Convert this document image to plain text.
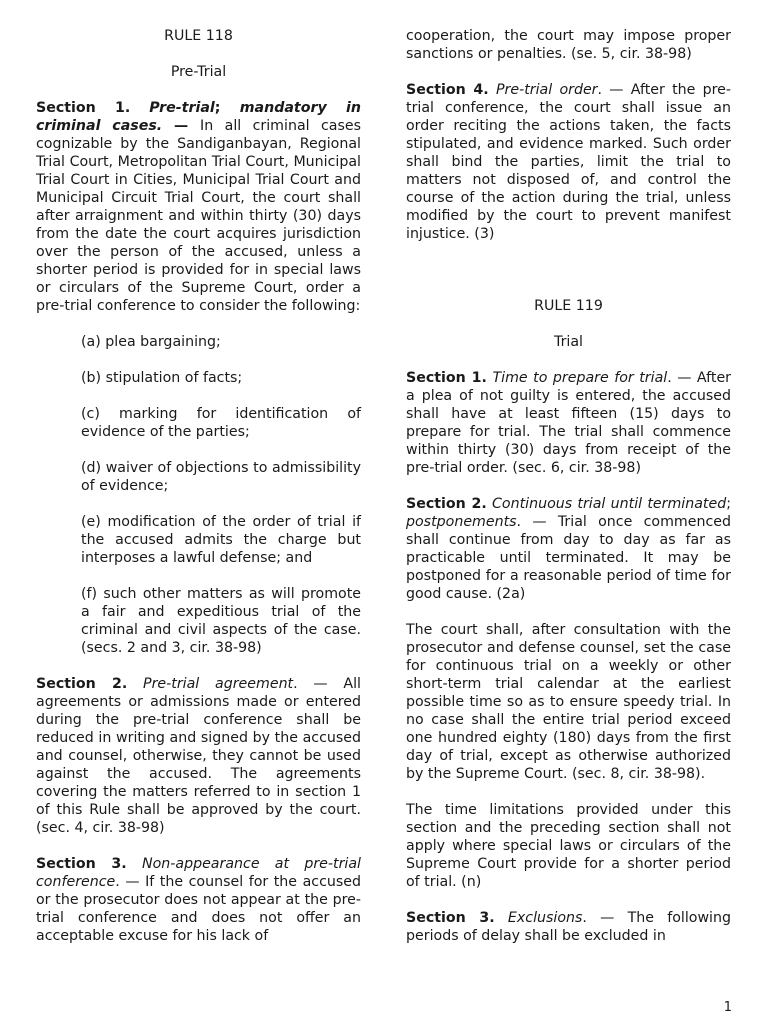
RULE 118

Pre-Trial

Section 1. Pre-trial; mandatory in criminal cases. — In all criminal cases cognizable by the Sandiganbayan, Regional Trial Court, Metropolitan Trial Court, Municipal Trial Court in Cities, Municipal Trial Court and Municipal Circuit Trial Court, the court shall after arraignment and within thirty (30) days from the date the court acquires jurisdiction over the person of the accused, unless a shorter period is provided for in special laws or circulars of the Supreme Court, order a pre-trial conference to consider the following:

(a) plea bargaining;

(b) stipulation of facts;

(c) marking for identification of evidence of the parties;

(d) waiver of objections to admissibility of evidence;

(e) modification of the order of trial if the accused admits the charge but interposes a lawful defense; and

(f) such other matters as will promote a fair and expeditious trial of the criminal and civil aspects of the case. (secs. 2 and 3, cir. 38-98)

Section 2. Pre-trial agreement. — All agreements or admissions made or entered during the pre-trial conference shall be reduced in writing and signed by the accused and counsel, otherwise, they cannot be used against the accused. The agreements covering the matters referred to in section 1 of this Rule shall be approved by the court. (sec. 4, cir. 38-98)

Section 3. Non-appearance at pre-trial conference. — If the counsel for the accused or the prosecutor does not appear at the pre-trial conference and does not offer an acceptable excuse for his lack of

cooperation, the court may impose proper sanctions or penalties. (se. 5, cir. 38-98)

Section 4. Pre-trial order. — After the pre-trial conference, the court shall issue an order reciting the actions taken, the facts stipulated, and evidence marked. Such order shall bind the parties, limit the trial to matters not disposed of, and control the course of the action during the trial, unless modified by the court to prevent manifest injustice. (3)

RULE 119

Trial

Section 1. Time to prepare for trial. — After a plea of not guilty is entered, the accused shall have at least fifteen (15) days to prepare for trial. The trial shall commence within thirty (30) days from receipt of the pre-trial order. (sec. 6, cir. 38-98)

Section 2. Continuous trial until terminated; postponements. — Trial once commenced shall continue from day to day as far as practicable until terminated. It may be postponed for a reasonable period of time for good cause. (2a)

The court shall, after consultation with the prosecutor and defense counsel, set the case for continuous trial on a weekly or other short-term trial calendar at the earliest possible time so as to ensure speedy trial. In no case shall the entire trial period exceed one hundred eighty (180) days from the first day of trial, except as otherwise authorized by the Supreme Court. (sec. 8, cir. 38-98).

The time limitations provided under this section and the preceding section shall not apply where special laws or circulars of the Supreme Court provide for a shorter period of trial. (n)

Section 3. Exclusions. — The following periods of delay shall be excluded in

1
